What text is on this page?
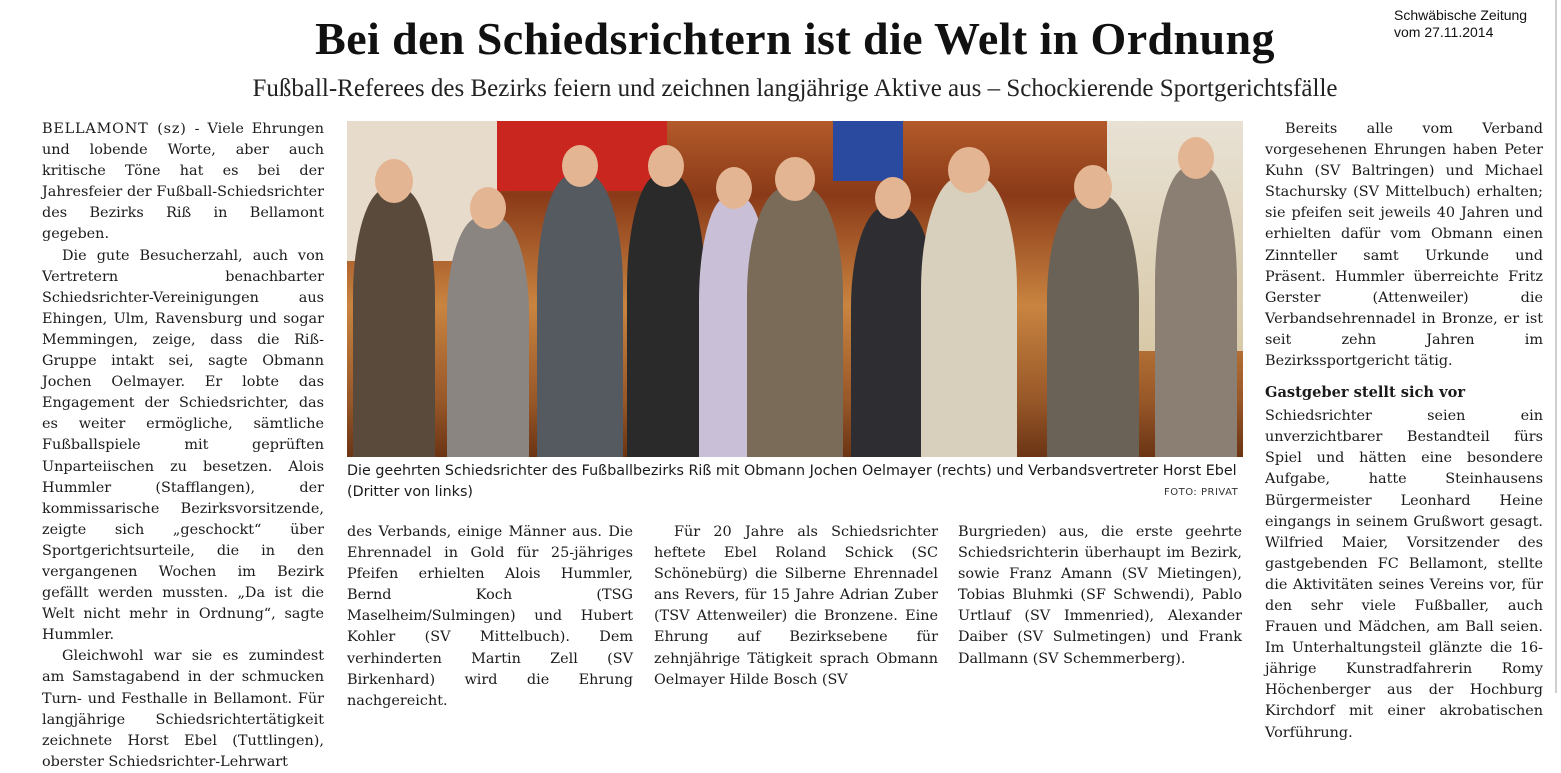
Schwäbische Zeitung
vom 27.11.2014
Bei den Schiedsrichtern ist die Welt in Ordnung
Fußball-Referees des Bezirks feiern und zeichnen langjährige Aktive aus – Schockierende Sportgerichtsfälle

BELLAMONT (sz) - Viele Ehrungen und lobende Worte, aber auch kritische Töne hat es bei der Jahresfeier der Fußball-Schiedsrichter des Bezirks Riß in Bellamont gegeben.

Die gute Besucherzahl, auch von Vertretern benachbarter Schiedsrichter-Vereinigungen aus Ehingen, Ulm, Ravensburg und sogar Memmingen, zeige, dass die Riß-Gruppe intakt sei, sagte Obmann Jochen Oelmayer. Er lobte das Engagement der Schiedsrichter, das es weiter ermögliche, sämtliche Fußballspiele mit geprüften Unparteiischen zu besetzen. Alois Hummler (Stafflangen), der kommissarische Bezirksvorsitzende, zeigte sich „geschockt“ über Sportgerichtsurteile, die in den vergangenen Wochen im Bezirk gefällt werden mussten. „Da ist die Welt nicht mehr in Ordnung“, sagte Hummler.

Gleichwohl war sie es zumindest am Samstagabend in der schmucken Turn- und Festhalle in Bellamont. Für langjährige Schiedsrichtertätigkeit zeichnete Horst Ebel (Tuttlingen), oberster Schiedsrichter-Lehrwart

Die geehrten Schiedsrichter des Fußballbezirks Riß mit Obmann Jochen Oelmayer (rechts) und Verbandsvertreter Horst Ebel (Dritter von links)	FOTO: PRIVAT

des Verbands, einige Männer aus. Die Ehrennadel in Gold für 25-jähriges Pfeifen erhielten Alois Hummler, Bernd Koch (TSG Maselheim/Sulmingen) und Hubert Kohler (SV Mittelbuch). Dem verhinderten Martin Zell (SV Birkenhard) wird die Ehrung nachgereicht.

Für 20 Jahre als Schiedsrichter heftete Ebel Roland Schick (SC Schönebürg) die Silberne Ehrennadel ans Revers, für 15 Jahre Adrian Zuber (TSV Attenweiler) die Bronzene. Eine Ehrung auf Bezirksebene für zehnjährige Tätigkeit sprach Obmann Oelmayer Hilde Bosch (SV

Burgrieden) aus, die erste geehrte Schiedsrichterin überhaupt im Bezirk, sowie Franz Amann (SV Mietingen), Tobias Bluhmki (SF Schwendi), Pablo Urtlauf (SV Immenried), Alexander Daiber (SV Sulmetingen) und Frank Dallmann (SV Schemmerberg).

Bereits alle vom Verband vorgesehenen Ehrungen haben Peter Kuhn (SV Baltringen) und Michael Stachursky (SV Mittelbuch) erhalten; sie pfeifen seit jeweils 40 Jahren und erhielten dafür vom Obmann einen Zinnteller samt Urkunde und Präsent. Hummler überreichte Fritz Gerster (Attenweiler) die Verbandsehrennadel in Bronze, er ist seit zehn Jahren im Bezirkssportgericht tätig.

Gastgeber stellt sich vor

Schiedsrichter seien ein unverzichtbarer Bestandteil fürs Spiel und hätten eine besondere Aufgabe, hatte Steinhausens Bürgermeister Leonhard Heine eingangs in seinem Grußwort gesagt. Wilfried Maier, Vorsitzender des gastgebenden FC Bellamont, stellte die Aktivitäten seines Vereins vor, für den sehr viele Fußballer, auch Frauen und Mädchen, am Ball seien. Im Unterhaltungsteil glänzte die 16-jährige Kunstradfahrerin Romy Höchenberger aus der Hochburg Kirchdorf mit einer akrobatischen Vorführung.
